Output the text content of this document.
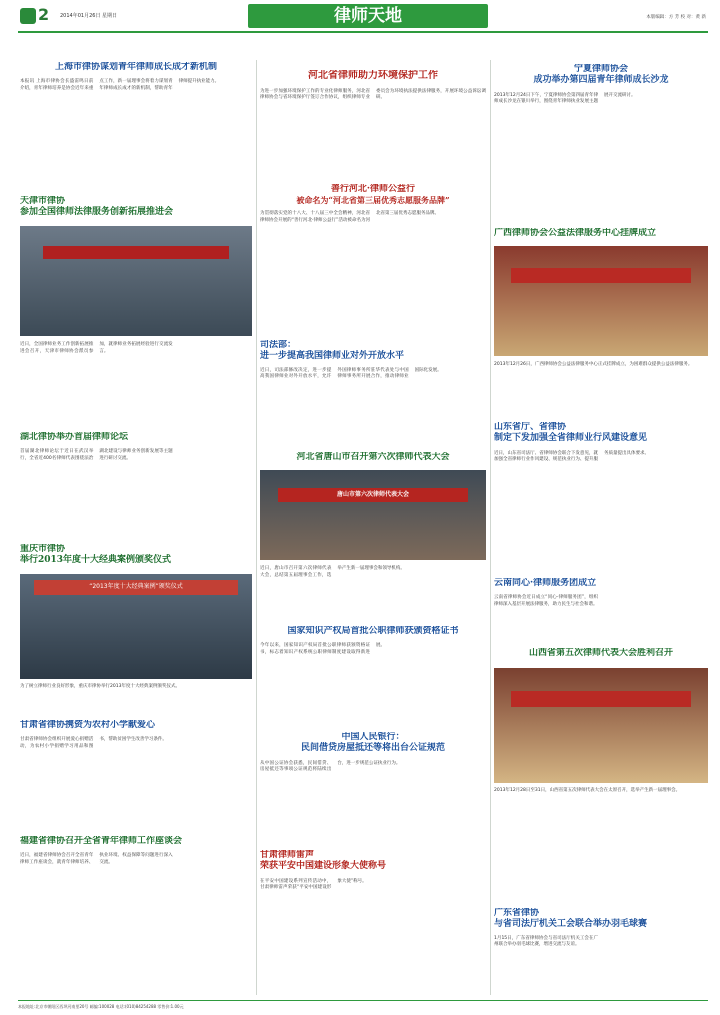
2 2014年01月26日 星期日	律师天地	本版编辑：方 芳 校 对：黄 新
上海市律协谋划青年律师成长成才新机制
本报讯 上海市律协会长盛雷鸣日前介绍，青年律师培养是协会近年来重点工作，新一届理事会将着力谋划青年律师成长成才的新机制，帮助青年律师提升执业能力。
河北省律师助力环境保护工作
为进一步加强环境保护工作的专业化律师服务，河北省律师协会与省环境保护厅签订合作协议，组织律师专业委员会为环境执法提供法律服务，开展环境公益诉讼调研。
宁夏律师协会
成功举办第四届青年律师成长沙龙
2013年12月24日下午，宁夏律师协会第四届青年律师成长沙龙在银川举行，围绕青年律师执业发展主题展开交流研讨。
天津市律协
参加全国律师法律服务创新拓展推进会
近日，全国律师业务工作创新拓展推进会召开，天津市律师协会派员参加，就律师业务拓展经验进行交流发言。
善行河北·律师公益行
被命名为“河北省第三届优秀志愿服务品牌”
为贯彻落实党的十八大、十八届三中全会精神，河北省律师协会开展的“善行河北·律师公益行”活动被命名为河北省第三届优秀志愿服务品牌。
广西律师协会公益法律服务中心挂牌成立
2013年12月26日，广西律师协会公益法律服务中心正式挂牌成立，为困难群众提供公益法律服务。
司法部：
进一步提高我国律师业对外开放水平
近日，司法部修改决定，进一步提高我国律师业对外开放水平，允许外国律师事务所驻华代表处与中国律师事务所开展合作，推动律师业国际化发展。
湖北律协举办首届律师论坛
首届湖北律师论坛于近日在武汉举行，全省近400名律师代表围绕法治湖北建设与律师业务创新发展等主题进行研讨交流。	河北省唐山市召开第六次律师代表大会
唐山市第六次律师代表大会
近日，唐山市召开第六次律师代表大会，总结第五届理事会工作，选举产生新一届理事会和领导机构。
山东省厅、省律协
制定下发加强全省律师业行风建设意见
近日，山东省司法厅、省律师协会联合下发意见，就加强全省律师行业作风建设、规范执业行为、提升服务质量提出具体要求。
重庆市律协
举行2013年度十大经典案例颁奖仪式
“2013年度十大经典案例”颁奖仪式
为了树立律师行业良好形象，重庆市律协举行2013年度十大经典案例颁奖仪式。
云南同心·律师服务团成立
云南省律师协会近日成立“同心·律师服务团”，组织律师深入基层开展法律服务，助力民生与社会和谐。
国家知识产权局首批公职律师获颁资格证书
今年以来，国家知识产权局首批公职律师获颁资格证书，标志着知识产权系统公职律师制度建设取得新进展。
山西省第五次律师代表大会胜利召开
2013年12月28日至31日，山西省第五次律师代表大会在太原召开，选举产生新一届理事会。
甘肃省律协携资为农村小学献爱心
甘肃省律师协会组织开展爱心捐赠活动，为农村小学捐赠学习用品和图书，帮助贫困学生改善学习条件。	中国人民银行：
民间借贷房屋抵还等将出台公证规范
从中国公证协会获悉，民间借贷、房屋抵还等事项公证规范将陆续出台，进一步规范公证执业行为。
福建省律协召开全省青年律师工作座谈会
近日，福建省律师协会召开全省青年律师工作座谈会，就青年律师培养、执业环境、权益保障等问题进行深入交流。
甘肃律师雷声
荣获平安中国建设形象大使称号
在平安中国建设系列宣传活动中，甘肃律师雷声荣获“平安中国建设形象大使”称号。
广东省律协
与省司法厅机关工会联合举办羽毛球赛
1月15日，广东省律师协会与省司法厅机关工会在广州联合举办羽毛球比赛，增进交流与友谊。
本报地址:北京市朝阳区西坝河南里20号 邮编:100028 电话:(010)84254288 零售价:1.00元
